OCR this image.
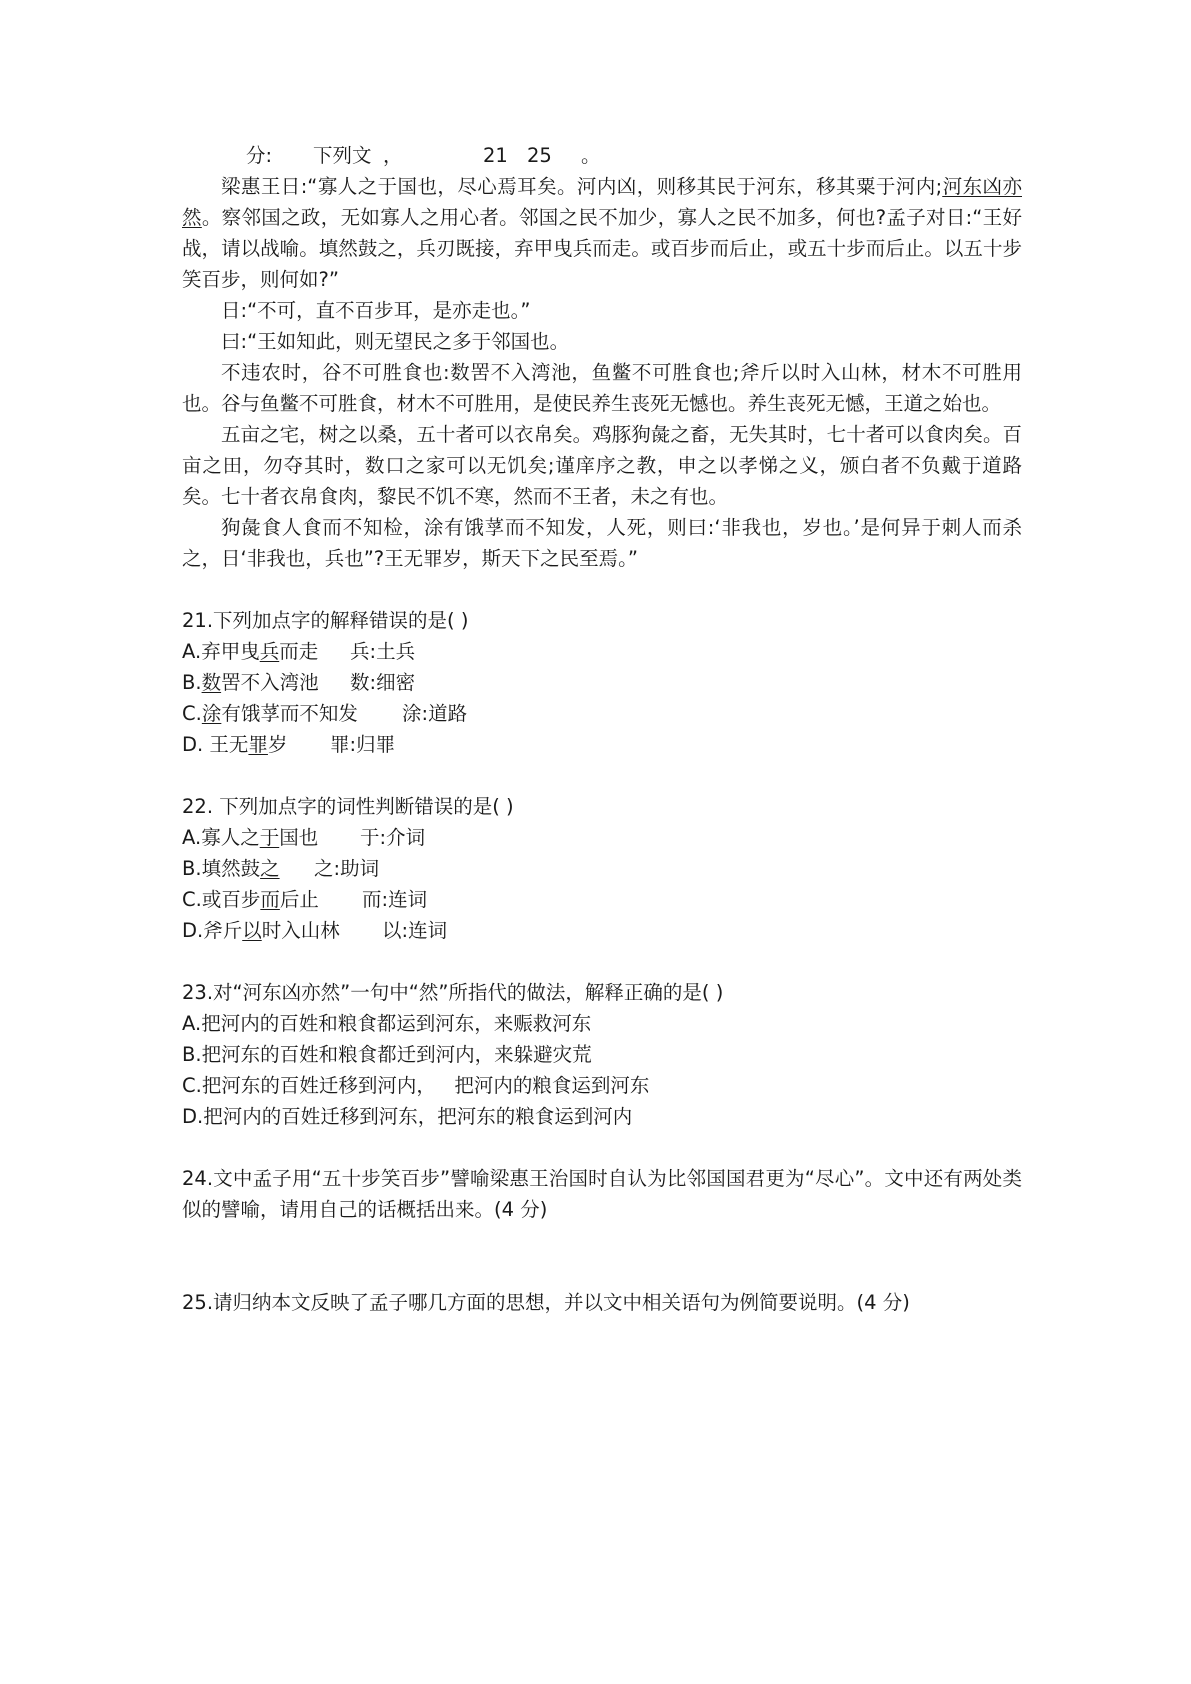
分: 下列文 ，	21 25 。

梁惠王日:“寡人之于国也，尽心焉耳矣。河内凶，则移其民于河东，移其粟于河内;河东凶亦然。察邻国之政，无如寡人之用心者。邻国之民不加少，寡人之民不加多，何也?孟子对日:“王好战，请以战喻。填然鼓之，兵刃既接，弃甲曳兵而走。或百步而后止，或五十步而后止。以五十步笑百步，则何如?”

日:“不可，直不百步耳，是亦走也。”

曰:“王如知此，则无望民之多于邻国也。

不违农时，谷不可胜食也:数罟不入湾池，鱼鳖不可胜食也;斧斤以时入山林，材木不可胜用也。谷与鱼鳖不可胜食，材木不可胜用，是使民养生丧死无憾也。养生丧死无憾，王道之始也。

五亩之宅，树之以桑，五十者可以衣帛矣。鸡豚狗彘之畜，无失其时，七十者可以食肉矣。百亩之田，勿夺其时，数口之家可以无饥矣;谨庠序之教，申之以孝悌之义，颁白者不负戴于道路矣。七十者衣帛食肉，黎民不饥不寒，然而不王者，未之有也。

狗彘食人食而不知检，涂有饿莩而不知发，人死，则曰:‘非我也，岁也。’是何异于刺人而杀之，日‘非我也，兵也”?王无罪岁，斯天下之民至焉。”

21.下列加点字的解释错误的是( )
A.弃甲曳兵而走 兵:土兵
B.数罟不入湾池 数:细密
C.涂有饿莩而不知发 涂:道路
D. 王无罪岁 罪:归罪
22. 下列加点字的词性判断错误的是( )
A.寡人之于国也 于:介词
B.填然鼓之 之:助词
C.或百步而后止 而:连词
D.斧斤以时入山林 以:连词
23.对“河东凶亦然”一句中“然”所指代的做法，解释正确的是( )
A.把河内的百姓和粮食都运到河东，来赈救河东
B.把河东的百姓和粮食都迁到河内，来躲避灾荒
C.把河东的百姓迁移到河内，   把河内的粮食运到河东
D.把河内的百姓迁移到河东，把河东的粮食运到河内

24.文中孟子用“五十步笑百步”譬喻梁惠王治国时自认为比邻国国君更为“尽心”。文中还有两处类似的譬喻，请用自己的话概括出来。(4 分)

25.请归纳本文反映了孟子哪几方面的思想，并以文中相关语句为例简要说明。(4 分)
